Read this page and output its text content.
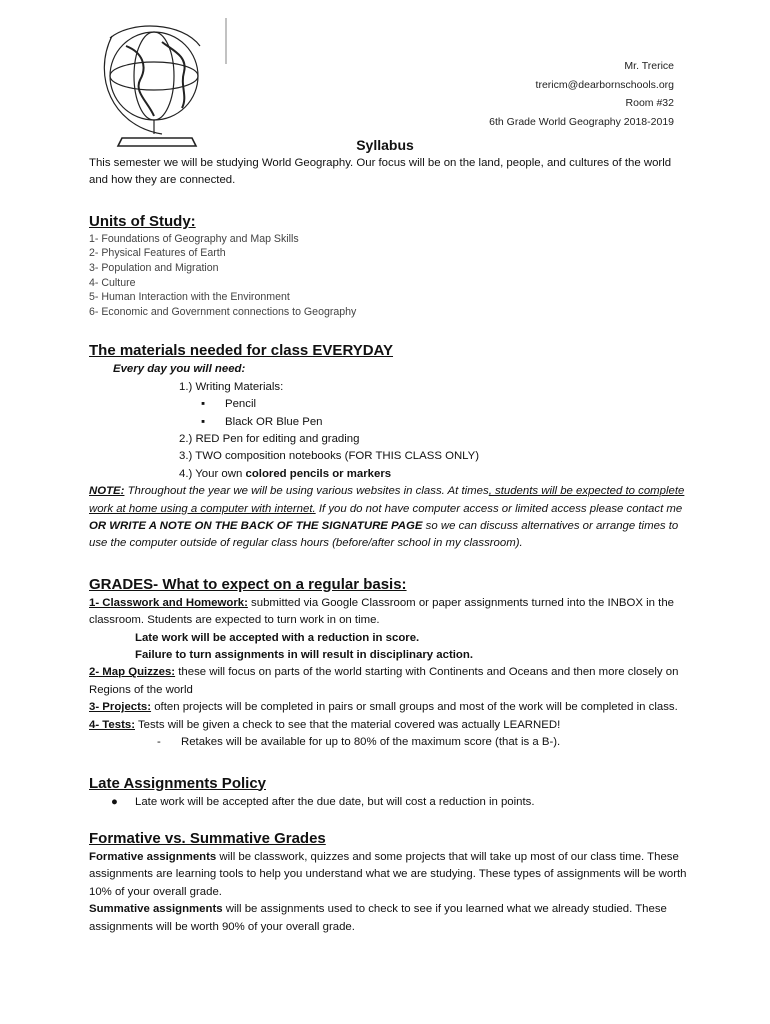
Mr. Trerice
trericm@dearbornschools.org
Room #32
6th Grade World Geography 2018-2019
Syllabus

This semester we will be studying World Geography. Our focus will be on the land, people, and cultures of the world and how they are connected.

Units of Study:
1- Foundations of Geography and Map Skills
2- Physical Features of Earth
3- Population and Migration
4- Culture
5- Human Interaction with the Environment
6- Economic and Government connections to Geography
The materials needed for class EVERYDAY

Every day you will need:

1.) Writing Materials:

▪ Pencil

▪ Black OR Blue Pen

2.) RED Pen for editing and grading

3.) TWO composition notebooks (FOR THIS CLASS ONLY)

4.) Your own colored pencils or markers

NOTE: Throughout the year we will be using various websites in class. At times, students will be expected to complete work at home using a computer with internet. If you do not have computer access or limited access please contact me OR WRITE A NOTE ON THE BACK OF THE SIGNATURE PAGE so we can discuss alternatives or arrange times to use the computer outside of regular class hours (before/after school in my classroom).

GRADES- What to expect on a regular basis:

1- Classwork and Homework: submitted via Google Classroom or paper assignments turned into the INBOX in the classroom. Students are expected to turn work in on time.

Late work will be accepted with a reduction in score.

Failure to turn assignments in will result in disciplinary action.

2- Map Quizzes: these will focus on parts of the world starting with Continents and Oceans and then more closely on Regions of the world

3- Projects: often projects will be completed in pairs or small groups and most of the work will be completed in class.

4- Tests: Tests will be given a check to see that the material covered was actually LEARNED!

- Retakes will be available for up to 80% of the maximum score (that is a B-).

Late Assignments Policy

● Late work will be accepted after the due date, but will cost a reduction in points.

Formative vs. Summative Grades

Formative assignments will be classwork, quizzes and some projects that will take up most of our class time. These assignments are learning tools to help you understand what we are studying. These types of assignments will be worth 10% of your overall grade.

Summative assignments will be assignments used to check to see if you learned what we already studied. These assignments will be worth 90% of your overall grade.
